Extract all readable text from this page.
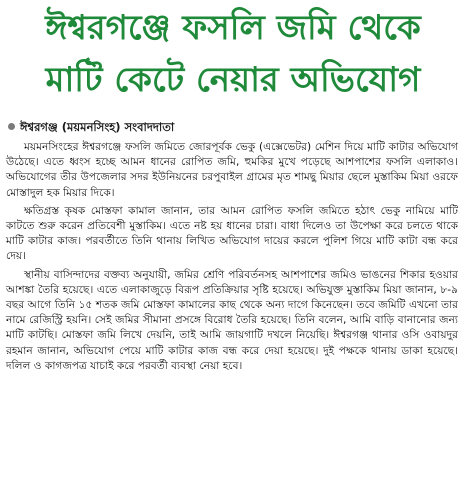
ঈশ্বরগঞ্জে ফসলি জমি থেকে
মাটি কেটে নেয়ার অভিযোগ
ঈশ্বরগঞ্জ (ময়মনসিংহ) সংবাদদাতা

ময়মনসিংহের ঈশ্বরগঞ্জে ফসলি জমিতে জোরপূর্বক ভেকু (এক্সেভেটর) মেশিন দিয়ে মাটি কাটার অভিযোগ উঠেছে। এতে ধ্বংস হচ্ছে আমন ধানের রোপিত জমি, হুমকির মুখে পড়েছে আশপাশের ফসলি এলাকাও। অভিযোগের তীর উপজেলার সদর ইউনিয়নের চরপুবাইল গ্রামের মৃত শামছু মিয়ার ছেলে মুস্তাকিম মিয়া ওরফে মোস্তাদুল হক মিয়ার দিকে।

ক্ষতিগ্রস্ত কৃষক মোস্তফা কামাল জানান, তার আমন রোপিত ফসলি জমিতে হঠাৎ ভেকু নামিয়ে মাটি কাটতে শুরু করেন প্রতিবেশী মুস্তাকিম। এতে নষ্ট হয় ধানের চারা। বাধা দিলেও তা উপেক্ষা করে চলতে থাকে মাটি কাটার কাজ। পরবর্তীতে তিনি থানায় লিখিত অভিযোগ দায়ের করলে পুলিশ গিয়ে মাটি কাটা বন্ধ করে দেয়।

স্থানীয় বাসিন্দাদের বক্তব্য অনুযায়ী, জমির শ্রেণি পরিবর্তনসহ আশপাশের জমিও ভাঙনের শিকার হওয়ার আশঙ্কা তৈরি হয়েছে। এতে এলাকাজুড়ে বিরূপ প্রতিক্রিয়ার সৃষ্টি হয়েছে। অভিযুক্ত মুস্তাকিম মিয়া জানান, ৮-৯ বছর আগে তিনি ১৫ শতক জমি মোস্তফা কামালের কাছ থেকে অন্য দাগে কিনেছেন। তবে জমিটি এখনো তার নামে রেজিস্ট্রি হয়নি। সেই জমির সীমানা প্রসঙ্গে বিরোধ তৈরি হয়েছে। তিনি বলেন, আমি বাড়ি বানানোর জন্য মাটি কাটছি। মোস্তফা জমি লিখে দেয়নি, তাই আমি জায়গাটি দখলে নিয়েছি। ঈশ্বরগঞ্জ থানার ওসি ওবায়দুর রহমান জানান, অভিযোগ পেয়ে মাটি কাটার কাজ বন্ধ করে দেয়া হয়েছে। দুই পক্ষকে থানায় ডাকা হয়েছে। দলিল ও কাগজপত্র যাচাই করে পরবর্তী ব্যবস্থা নেয়া হবে।
